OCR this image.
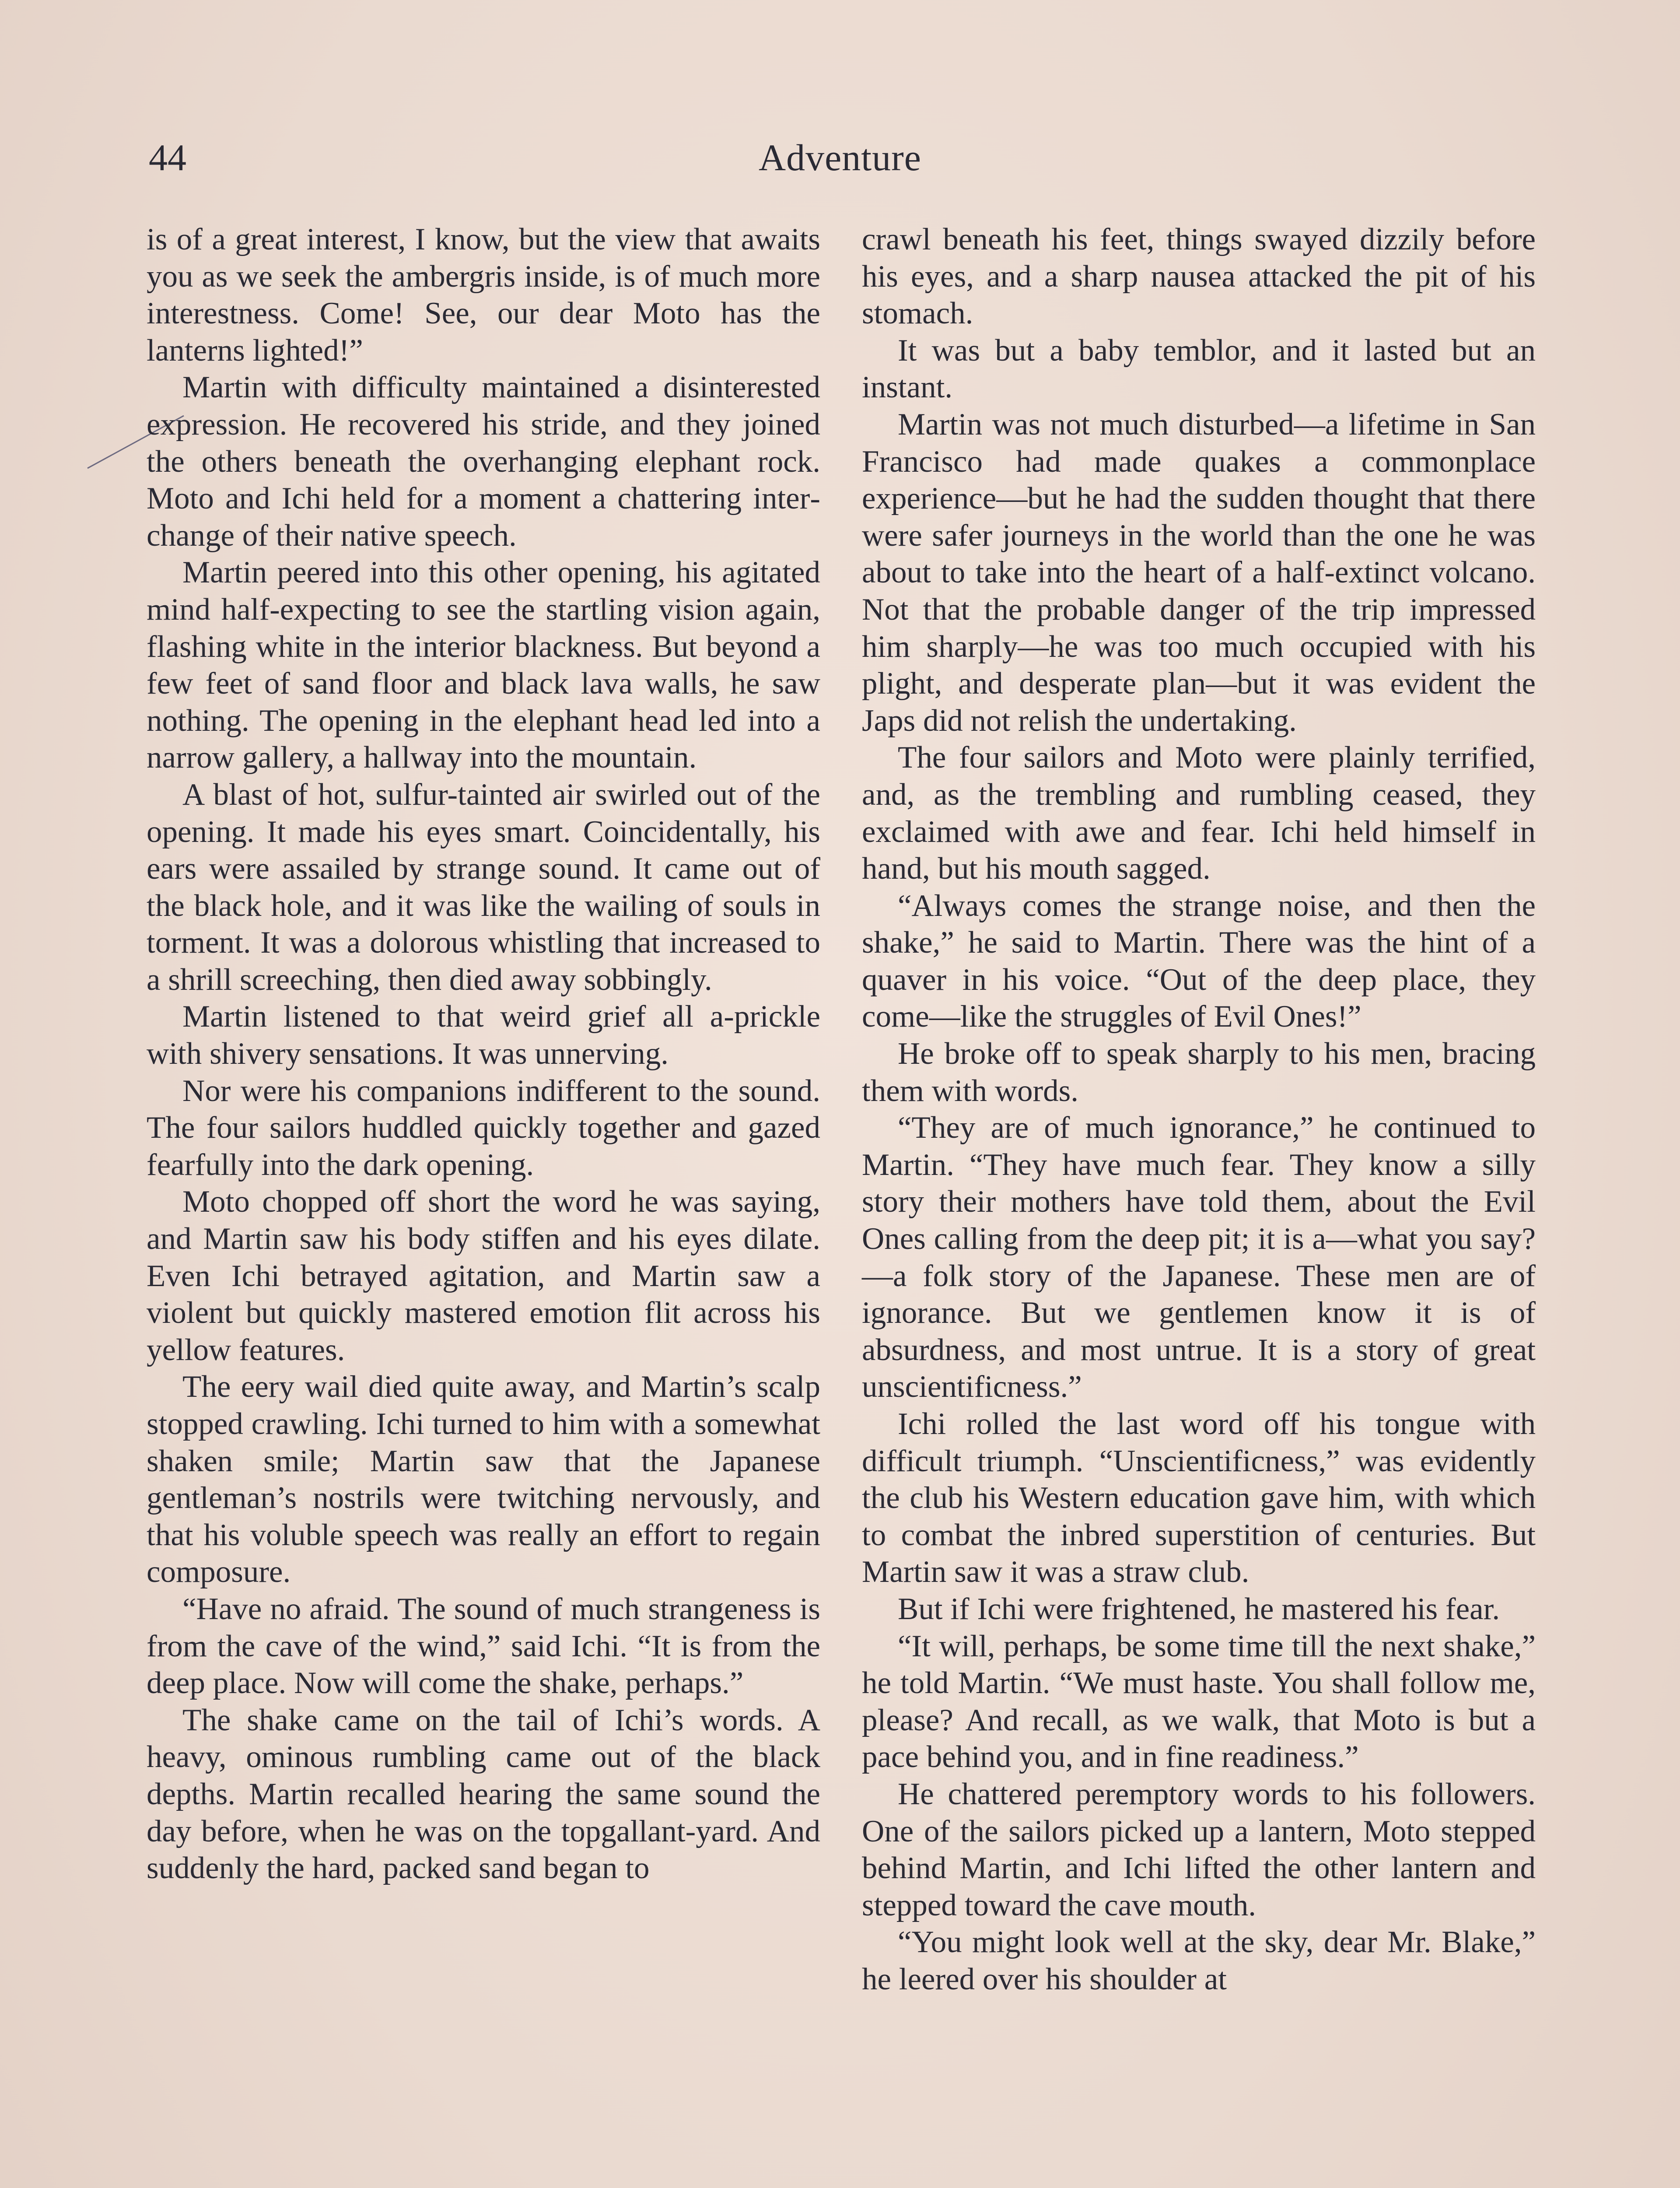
44	Adventure

is of a great interest, I know, but the view that awaits you as we seek the ambergris inside, is of much more interestness. Come! See, our dear Moto has the lanterns lighted!”

Martin with difficulty maintained a disinterested expression. He recovered his stride, and they joined the others beneath the overhanging elephant rock. Moto and Ichi held for a moment a chattering interchange of their native speech.

Martin peered into this other opening, his agitated mind half-expecting to see the startling vision again, flashing white in the interior blackness. But beyond a few feet of sand floor and black lava walls, he saw nothing. The opening in the elephant head led into a narrow gallery, a hallway into the mountain.

A blast of hot, sulfur-tainted air swirled out of the opening. It made his eyes smart. Coincidentally, his ears were assailed by strange sound. It came out of the black hole, and it was like the wailing of souls in torment. It was a dolorous whistling that increased to a shrill screeching, then died away sobbingly.

Martin listened to that weird grief all a-prickle with shivery sensations. It was unnerving.

Nor were his companions indifferent to the sound. The four sailors huddled quickly together and gazed fearfully into the dark opening.

Moto chopped off short the word he was saying, and Martin saw his body stiffen and his eyes dilate. Even Ichi betrayed agitation, and Martin saw a violent but quickly mastered emotion flit across his yellow features.

The eery wail died quite away, and Martin’s scalp stopped crawling. Ichi turned to him with a somewhat shaken smile; Martin saw that the Japanese gentleman’s nostrils were twitching nervously, and that his voluble speech was really an effort to regain composure.

“Have no afraid. The sound of much strangeness is from the cave of the wind,” said Ichi. “It is from the deep place. Now will come the shake, perhaps.”

The shake came on the tail of Ichi’s words. A heavy, ominous rumbling came out of the black depths. Martin recalled hearing the same sound the day before, when he was on the topgallant-yard. And suddenly the hard, packed sand began to

crawl beneath his feet, things swayed dizzily before his eyes, and a sharp nausea attacked the pit of his stomach.

It was but a baby temblor, and it lasted but an instant.

Martin was not much disturbed—a lifetime in San Francisco had made quakes a commonplace experience—but he had the sudden thought that there were safer journeys in the world than the one he was about to take into the heart of a half-extinct volcano. Not that the probable danger of the trip impressed him sharply—he was too much occupied with his plight, and desperate plan—but it was evident the Japs did not relish the undertaking.

The four sailors and Moto were plainly terrified, and, as the trembling and rumbling ceased, they exclaimed with awe and fear. Ichi held himself in hand, but his mouth sagged.

“Always comes the strange noise, and then the shake,” he said to Martin. There was the hint of a quaver in his voice. “Out of the deep place, they come—like the struggles of Evil Ones!”

He broke off to speak sharply to his men, bracing them with words.

“They are of much ignorance,” he continued to Martin. “They have much fear. They know a silly story their mothers have told them, about the Evil Ones calling from the deep pit; it is a—what you say?—a folk story of the Japanese. These men are of ignorance. But we gentlemen know it is of absurdness, and most untrue. It is a story of great unscientificness.”

Ichi rolled the last word off his tongue with difficult triumph. “Unscientificness,” was evidently the club his Western education gave him, with which to combat the inbred superstition of centuries. But Martin saw it was a straw club.

But if Ichi were frightened, he mastered his fear.

“It will, perhaps, be some time till the next shake,” he told Martin. “We must haste. You shall follow me, please? And recall, as we walk, that Moto is but a pace behind you, and in fine readiness.”

He chattered peremptory words to his followers. One of the sailors picked up a lantern, Moto stepped behind Martin, and Ichi lifted the other lantern and stepped toward the cave mouth.

“You might look well at the sky, dear Mr. Blake,” he leered over his shoulder at
